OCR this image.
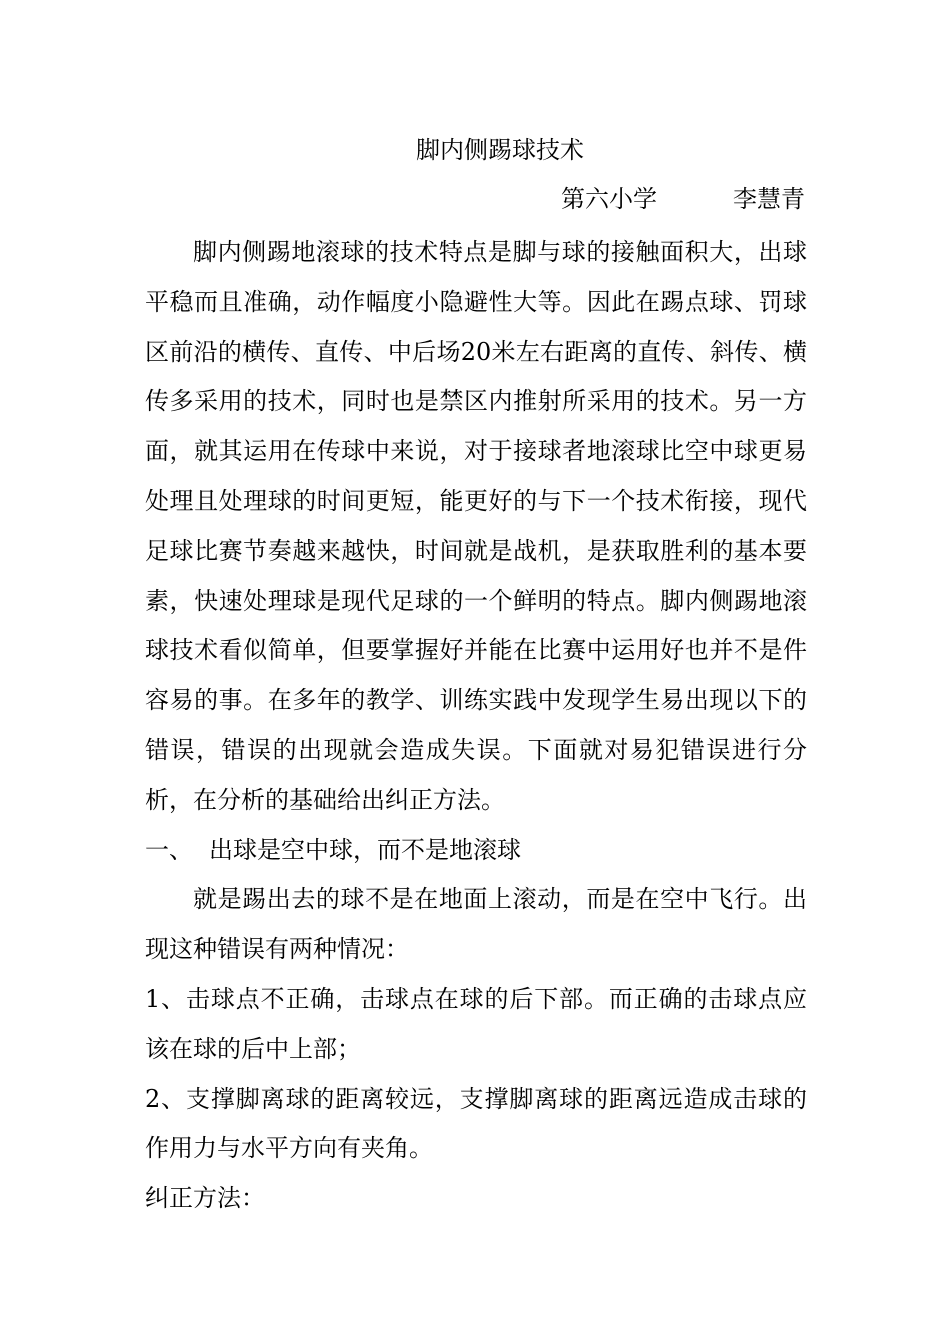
脚内侧踢球技术
第六小学	李慧青

脚内侧踢地滚球的技术特点是脚与球的接触面积大，出球平稳而且准确，动作幅度小隐避性大等。因此在踢点球、罚球区前沿的横传、直传、中后场20米左右距离的直传、斜传、横传多采用的技术，同时也是禁区内推射所采用的技术。另一方面，就其运用在传球中来说，对于接球者地滚球比空中球更易处理且处理球的时间更短，能更好的与下一个技术衔接，现代足球比赛节奏越来越快，时间就是战机，是获取胜利的基本要素，快速处理球是现代足球的一个鲜明的特点。脚内侧踢地滚球技术看似简单，但要掌握好并能在比赛中运用好也并不是件容易的事。在多年的教学、训练实践中发现学生易出现以下的错误，错误的出现就会造成失误。下面就对易犯错误进行分析，在分析的基础给出纠正方法。

一、 出球是空中球，而不是地滚球

就是踢出去的球不是在地面上滚动，而是在空中飞行。出现这种错误有两种情况：

1、击球点不正确，击球点在球的后下部。而正确的击球点应该在球的后中上部；

2、支撑脚离球的距离较远，支撑脚离球的距离远造成击球的作用力与水平方向有夹角。

纠正方法：
